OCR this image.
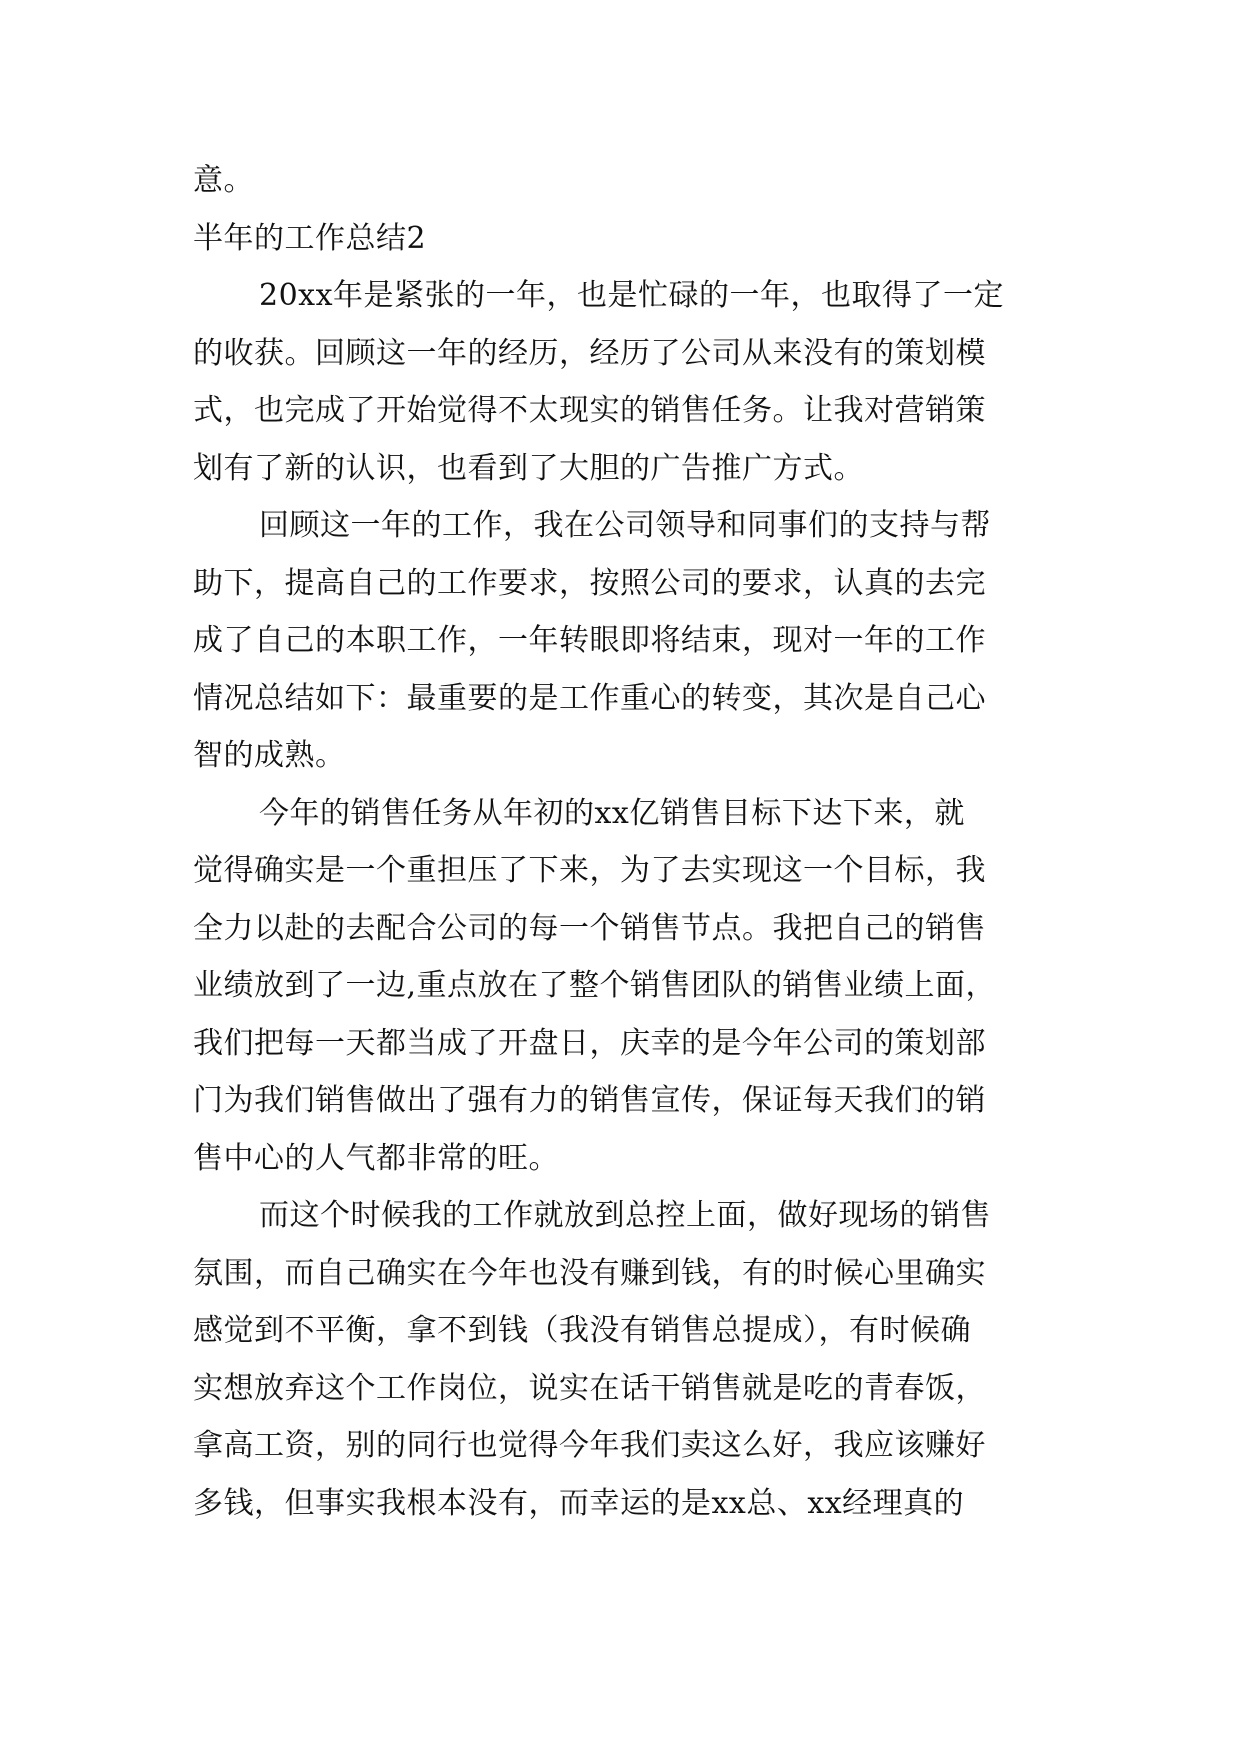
意。
半年的工作总结2
20xx年是紧张的一年，也是忙碌的一年，也取得了一定
的收获。回顾这一年的经历，经历了公司从来没有的策划模
式，也完成了开始觉得不太现实的销售任务。让我对营销策
划有了新的认识，也看到了大胆的广告推广方式。
回顾这一年的工作，我在公司领导和同事们的支持与帮
助下，提高自己的工作要求，按照公司的要求，认真的去完
成了自己的本职工作，一年转眼即将结束，现对一年的工作
情况总结如下：最重要的是工作重心的转变，其次是自己心
智的成熟。
今年的销售任务从年初的xx亿销售目标下达下来，就
觉得确实是一个重担压了下来，为了去实现这一个目标，我
全力以赴的去配合公司的每一个销售节点。我把自己的销售
业绩放到了一边,重点放在了整个销售团队的销售业绩上面，
我们把每一天都当成了开盘日，庆幸的是今年公司的策划部
门为我们销售做出了强有力的销售宣传，保证每天我们的销
售中心的人气都非常的旺。
而这个时候我的工作就放到总控上面，做好现场的销售
氛围，而自己确实在今年也没有赚到钱，有的时候心里确实
感觉到不平衡，拿不到钱（我没有销售总提成），有时候确
实想放弃这个工作岗位，说实在话干销售就是吃的青春饭，
拿高工资，别的同行也觉得今年我们卖这么好，我应该赚好
多钱，但事实我根本没有，而幸运的是xx总、xx经理真的
